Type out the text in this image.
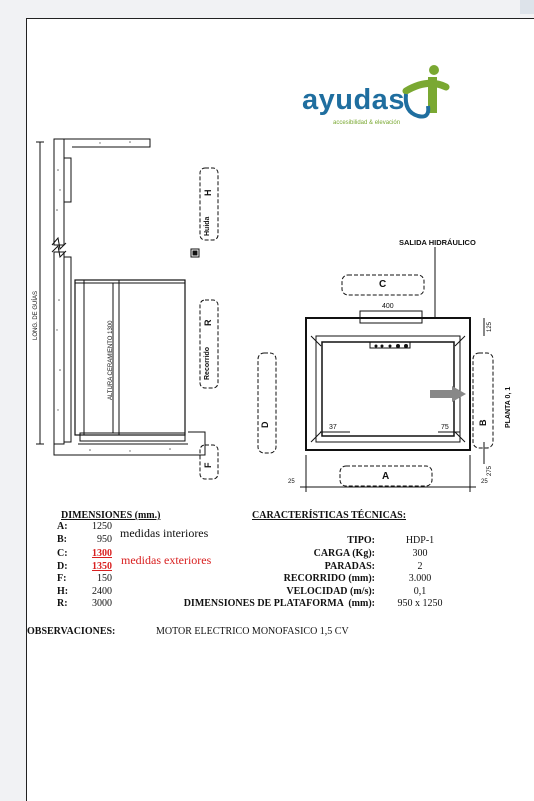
ayudas
accesibilidad & elevación
LONG. DE GUÍAS
ALTURA CERAMIENTO 1300
H
Huida
R
Recorrido
F
SALIDA HIDRÁULICO
C
400
125
D	B PLANTA 0, 1
37	75
275
25	A	25
DIMENSIONES (mm.)
A:	1250
B:	950
C:	1300
D:	1350
F:	150
H:	2400
R:	3000
medidas interiores
medidas exteriores
CARACTERÍSTICAS TÉCNICAS:
TIPO:	HDP-1
CARGA (Kg):	300
PARADAS:	2
RECORRIDO (mm):	3.000
VELOCIDAD (m/s):	0,1
DIMENSIONES DE PLATAFORMA  (mm):	950 x 1250
OBSERVACIONES:	MOTOR ELECTRICO MONOFASICO 1,5 CV
